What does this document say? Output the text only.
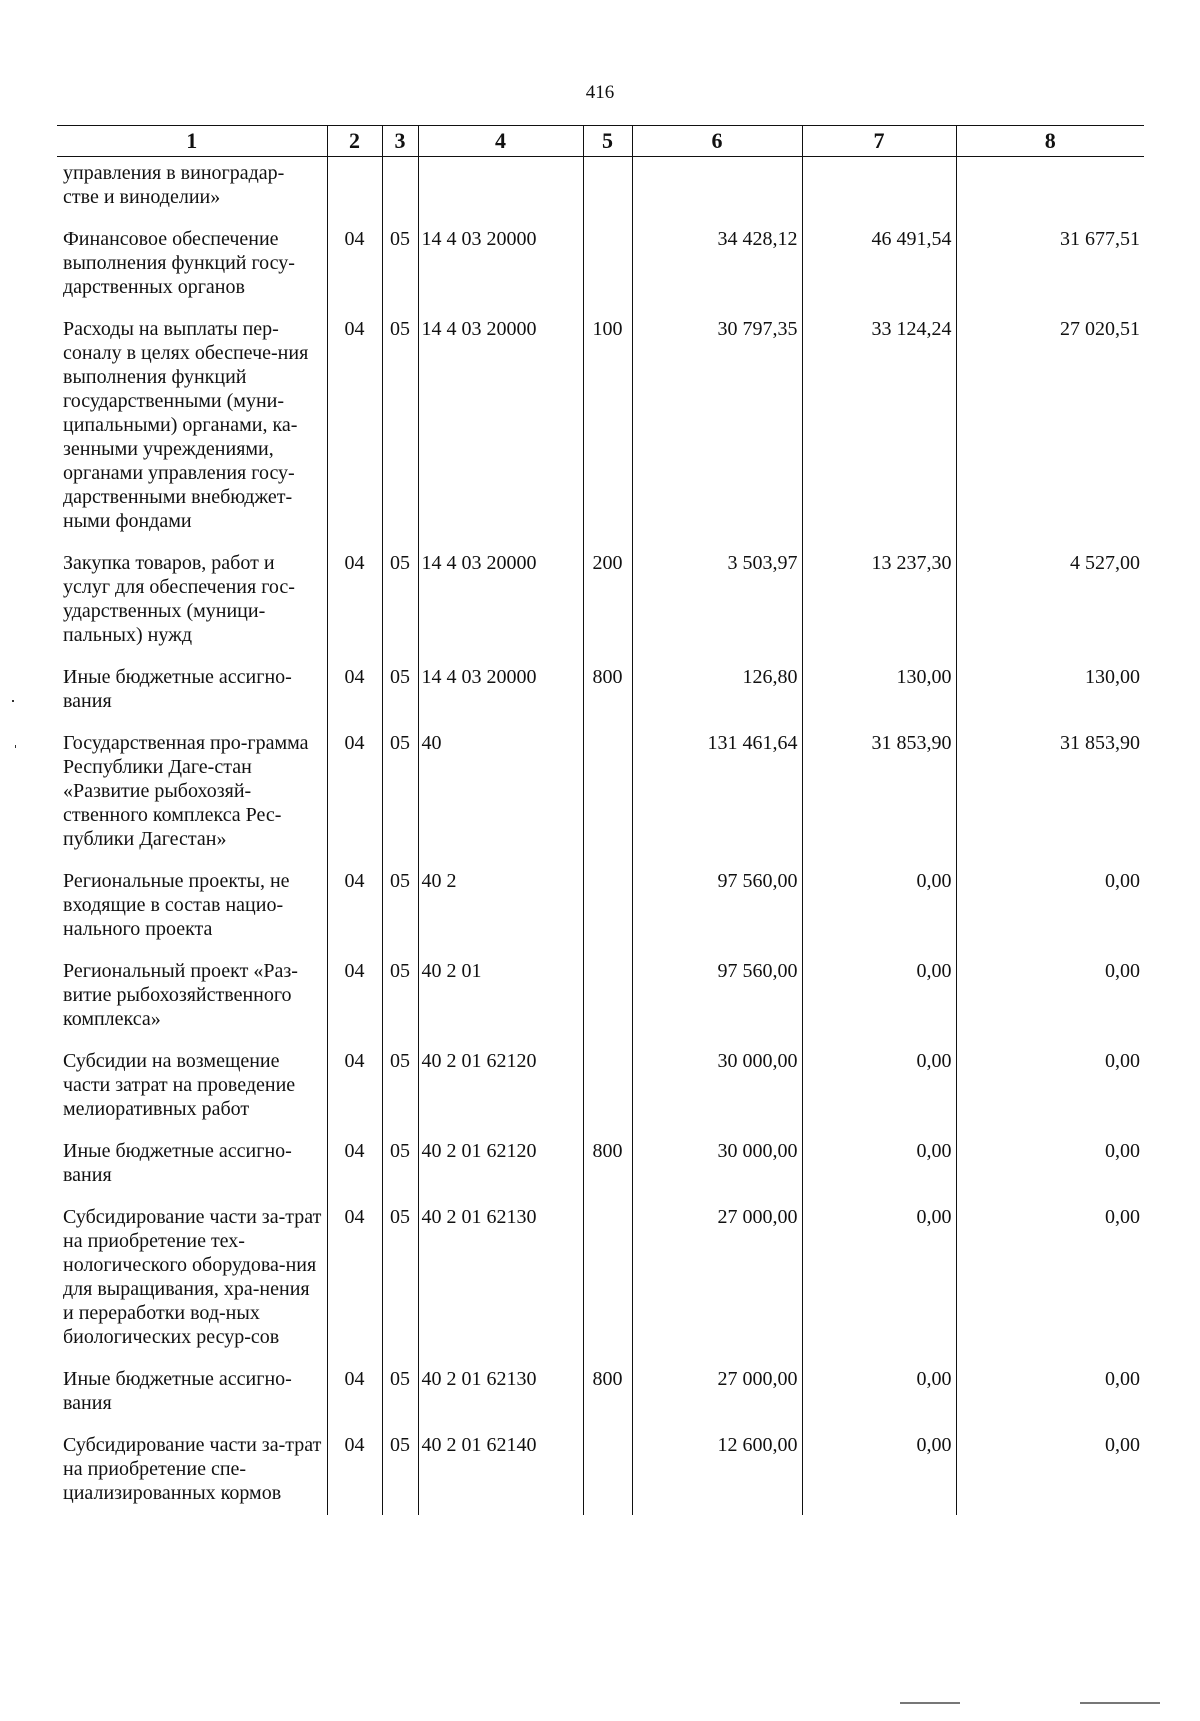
416
1	2	3	4	5	6	7	8
управления в виноградар-
стве и виноделии»							
Финансовое обеспечение выполнения функций госу-дарственных органов	04	05	14 4 03 20000		34 428,12	46 491,54	31 677,51
Расходы на выплаты пер-соналу в целях обеспече-ния выполнения функций государственными (муни-ципальными) органами, ка-зенными учреждениями, органами управления госу-дарственными внебюджет-ными фондами	04	05	14 4 03 20000	100	30 797,35	33 124,24	27 020,51
Закупка товаров, работ и услуг для обеспечения гос-ударственных (муници-пальных) нужд	04	05	14 4 03 20000	200	3 503,97	13 237,30	4 527,00
Иные бюджетные ассигно-вания	04	05	14 4 03 20000	800	126,80	130,00	130,00
Государственная про-грамма Республики Даге-стан «Развитие рыбохозяй-ственного комплекса Рес-публики Дагестан»	04	05	40		131 461,64	31 853,90	31 853,90
Региональные проекты, не входящие в состав нацио-нального проекта	04	05	40 2		97 560,00	0,00	0,00
Региональный проект «Раз-витие рыбохозяйственного комплекса»	04	05	40 2 01		97 560,00	0,00	0,00
Субсидии на возмещение части затрат на проведение мелиоративных работ	04	05	40 2 01 62120		30 000,00	0,00	0,00
Иные бюджетные ассигно-вания	04	05	40 2 01 62120	800	30 000,00	0,00	0,00
Субсидирование части за-трат на приобретение тех-нологического оборудова-ния для выращивания, хра-нения и переработки вод-ных биологических ресур-сов	04	05	40 2 01 62130		27 000,00	0,00	0,00
Иные бюджетные ассигно-вания	04	05	40 2 01 62130	800	27 000,00	0,00	0,00
Субсидирование части за-трат на приобретение спе-циализированных кормов	04	05	40 2 01 62140		12 600,00	0,00	0,00
